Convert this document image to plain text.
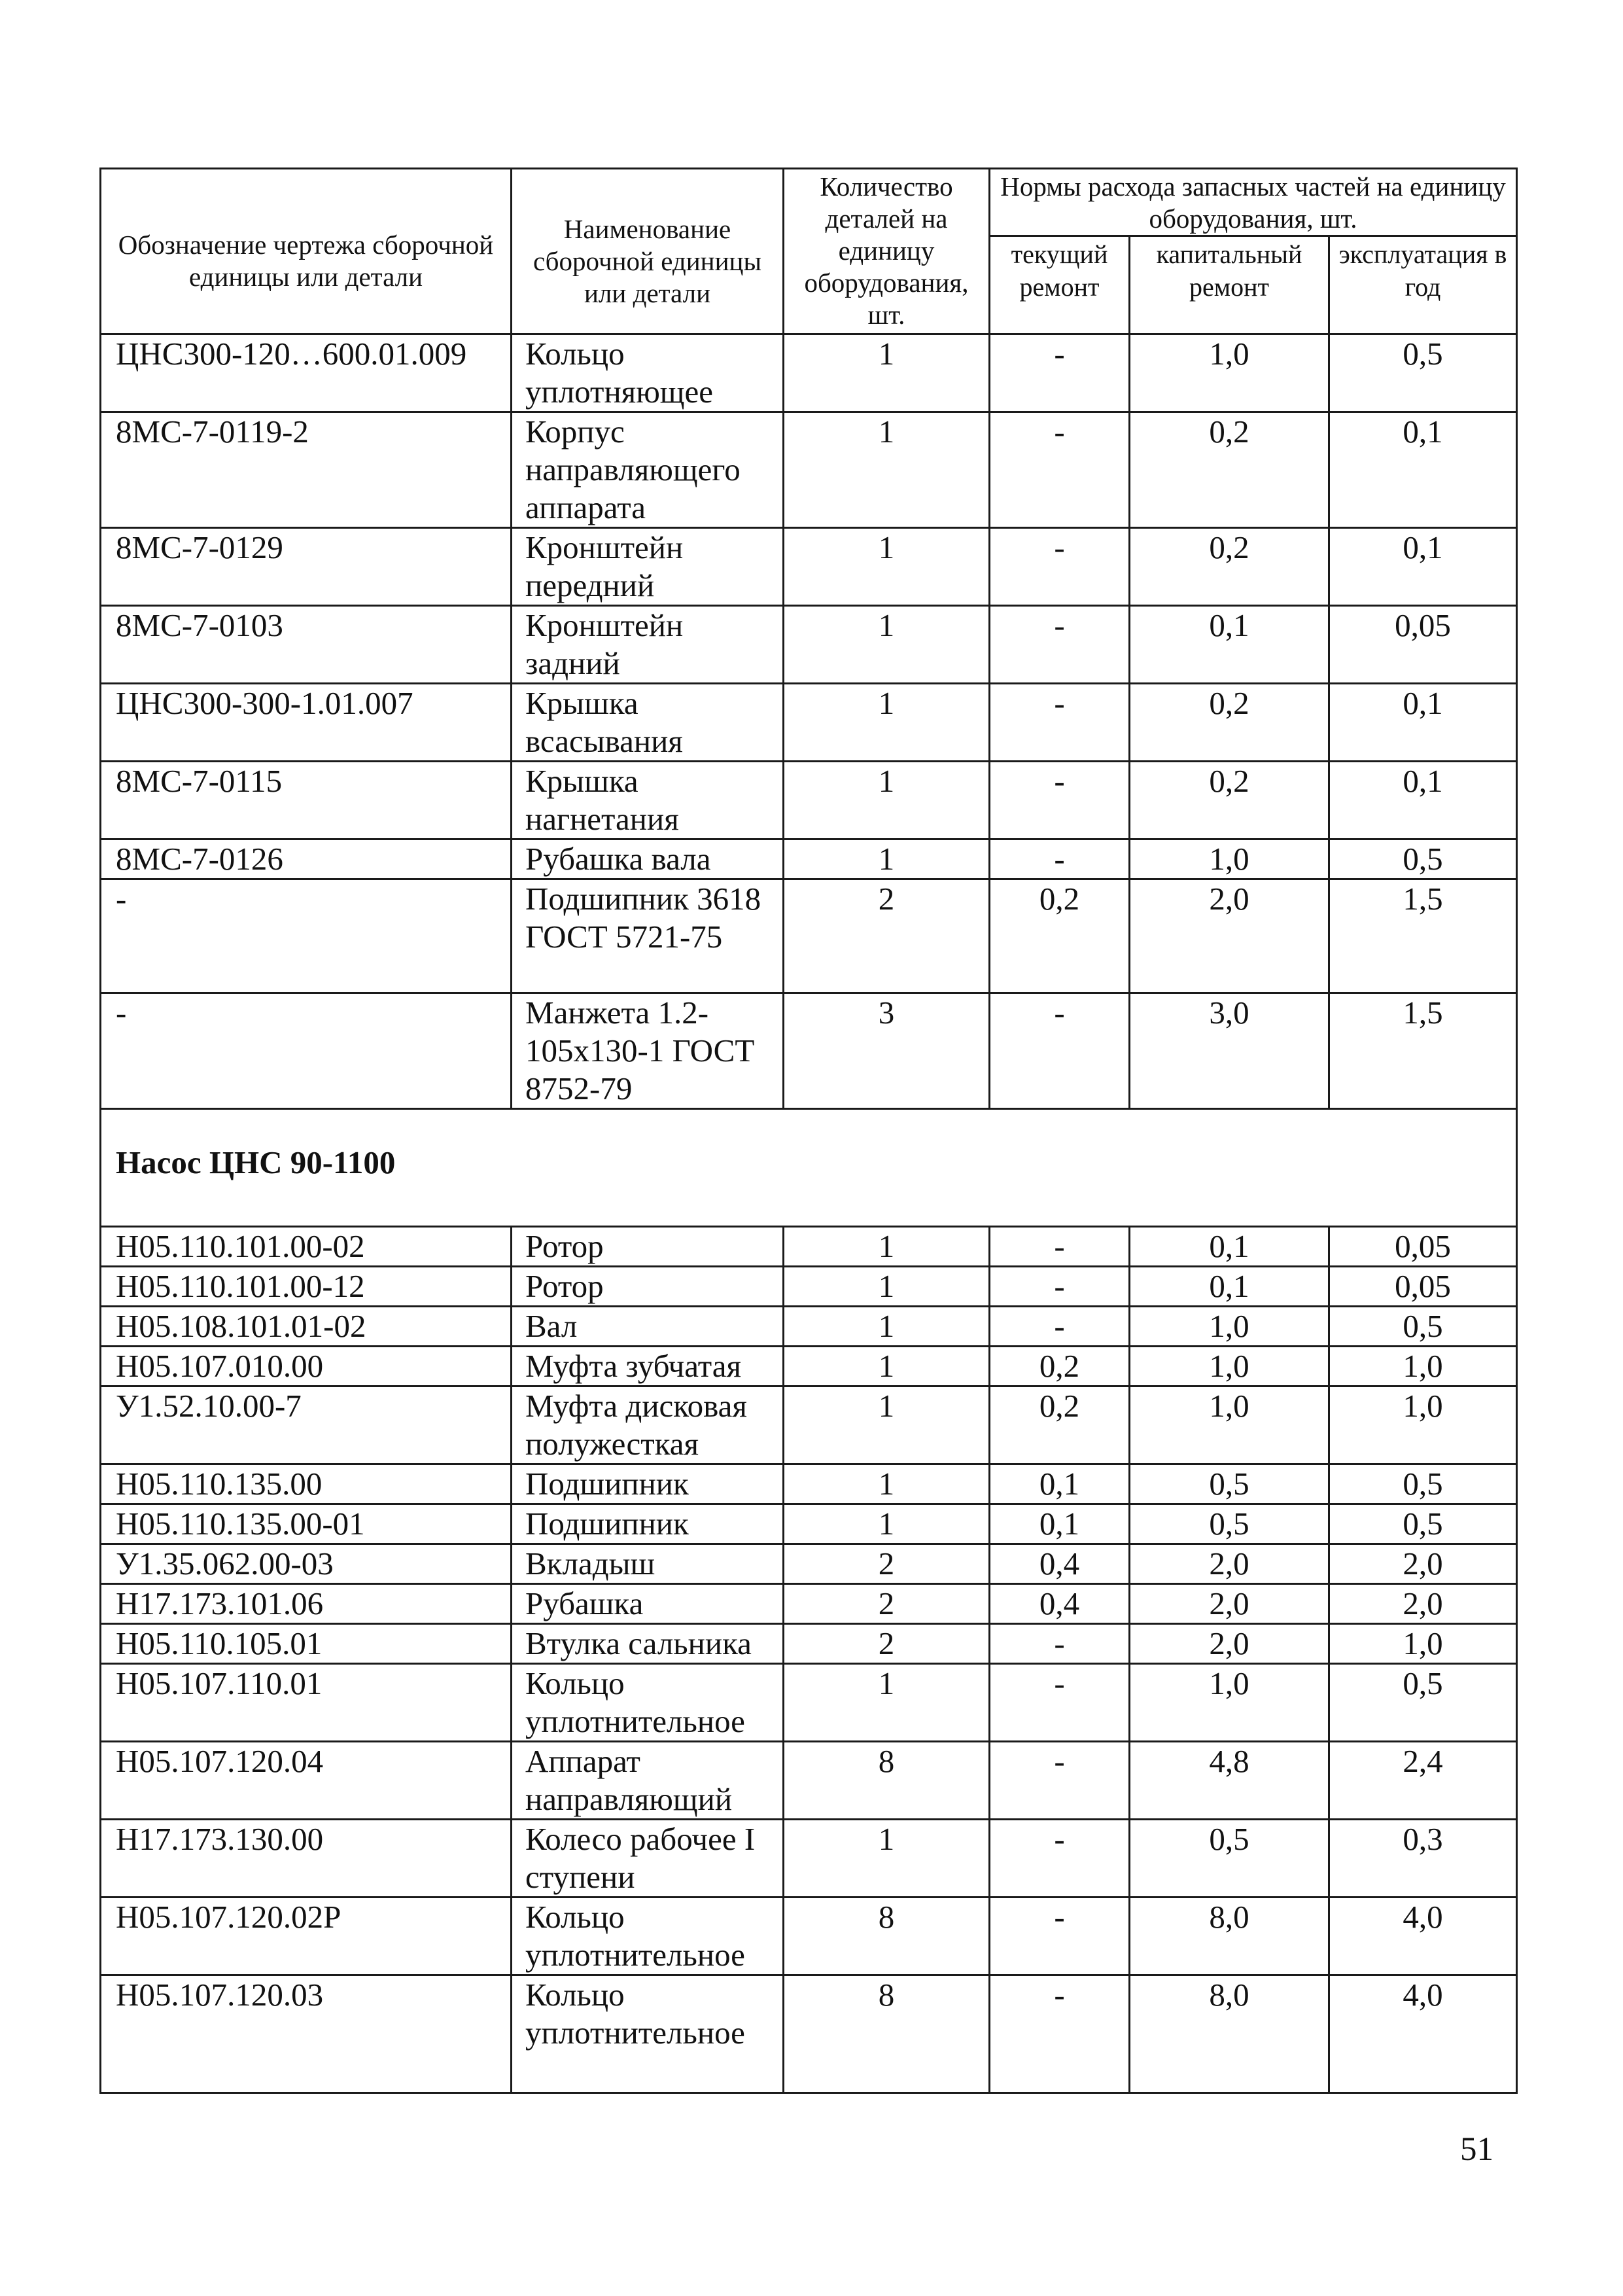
Обозначение чертежа сборочной единицы или детали	Наименование сборочной единицы или детали	Количество деталей на единицу оборудования, шт.	Нормы расхода запасных частей на единицу оборудования, шт.		
			текущий ремонт	капитальный ремонт	эксплуатация в год
ЦНС300-120…600.01.009	Кольцо уплотняющее	1	-	1,0	0,5
8МС-7-0119-2	Корпус направляющего аппарата	1	-	0,2	0,1
8МС-7-0129	Кронштейн передний	1	-	0,2	0,1
8МС-7-0103	Кронштейн задний	1	-	0,1	0,05
ЦНС300-300-1.01.007	Крышка всасывания	1	-	0,2	0,1
8МС-7-0115	Крышка нагнетания	1	-	0,2	0,1
8МС-7-0126	Рубашка вала	1	-	1,0	0,5
-	Подшипник 3618 ГОСТ 5721-75	2	0,2	2,0	1,5
-	Манжета 1.2-105x130-1 ГОСТ 8752-79	3	-	3,0	1,5
Насос ЦНС 90-1100					
Н05.110.101.00-02	Ротор	1	-	0,1	0,05
Н05.110.101.00-12	Ротор	1	-	0,1	0,05
Н05.108.101.01-02	Вал	1	-	1,0	0,5
Н05.107.010.00	Муфта зубчатая	1	0,2	1,0	1,0
У1.52.10.00-7	Муфта дисковая полужесткая	1	0,2	1,0	1,0
Н05.110.135.00	Подшипник	1	0,1	0,5	0,5
Н05.110.135.00-01	Подшипник	1	0,1	0,5	0,5
У1.35.062.00-03	Вкладыш	2	0,4	2,0	2,0
Н17.173.101.06	Рубашка	2	0,4	2,0	2,0
Н05.110.105.01	Втулка сальника	2	-	2,0	1,0
Н05.107.110.01	Кольцо уплотнительное	1	-	1,0	0,5
Н05.107.120.04	Аппарат направляющий	8	-	4,8	2,4
Н17.173.130.00	Колесо рабочее I ступени	1	-	0,5	0,3
Н05.107.120.02Р	Кольцо уплотнительное	8	-	8,0	4,0
Н05.107.120.03	Кольцо уплотнительное	8	-	8,0	4,0
51
